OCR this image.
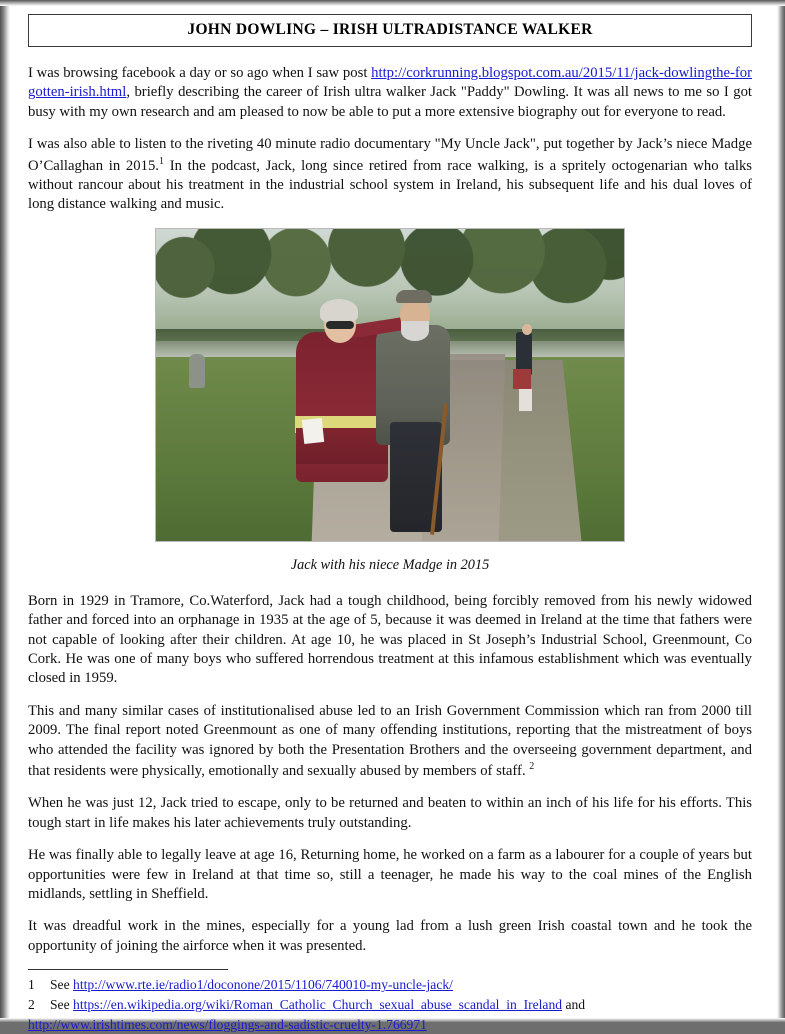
JOHN DOWLING – IRISH ULTRADISTANCE WALKER

I was browsing facebook a day or so ago when I saw post http://corkrunning.blogspot.com.au/2015/11/jack-dowlingthe-forgotten-irish.html, briefly describing the career of Irish ultra walker Jack "Paddy" Dowling. It was all news to me so I got busy with my own research and am pleased to now be able to put a more extensive biography out for everyone to read.

I was also able to listen to the riveting 40 minute radio documentary "My Uncle Jack", put together by Jack’s niece Madge O’Callaghan in 2015.$^1$ In the podcast, Jack, long since retired from race walking, is a spritely octogenarian who talks without rancour about his treatment in the industrial school system in Ireland, his subsequent life and his dual loves of long distance walking and music.

Jack with his niece Madge in 2015

Born in 1929 in Tramore, Co.Waterford, Jack had a tough childhood, being forcibly removed from his newly widowed father and forced into an orphanage in 1935 at the age of 5, because it was deemed in Ireland at the time that fathers were not capable of looking after their children. At age 10, he was placed in St Joseph’s Industrial School, Greenmount, Co Cork. He was one of many boys who suffered horrendous treatment at this infamous establishment which was eventually closed in 1959.

This and many similar cases of institutionalised abuse led to an Irish Government Commission which ran from 2000 till 2009. The final report noted Greenmount as one of many offending institutions, reporting that the mistreatment of boys who attended the facility was ignored by both the Presentation Brothers and the overseeing government department, and that residents were physically, emotionally and sexually abused by members of staff. $^2$

When he was just 12, Jack tried to escape, only to be returned and beaten to within an inch of his life for his efforts. This tough start in life makes his later achievements truly outstanding.

He was finally able to legally leave at age 16, Returning home, he worked on a farm as a labourer for a couple of years but opportunities were few in Ireland at that time so, still a teenager, he made his way to the coal mines of the English midlands, settling in Sheffield.

It was dreadful work in the mines, especially for a young lad from a lush green Irish coastal town and he took the opportunity of joining the airforce when it was presented.

1	See http://www.rte.ie/radio1/doconone/2015/1106/740010-my-uncle-jack/
2	See https://en.wikipedia.org/wiki/Roman_Catholic_Church_sexual_abuse_scandal_in_Ireland and
http://www.irishtimes.com/news/floggings-and-sadistic-cruelty-1.766971
